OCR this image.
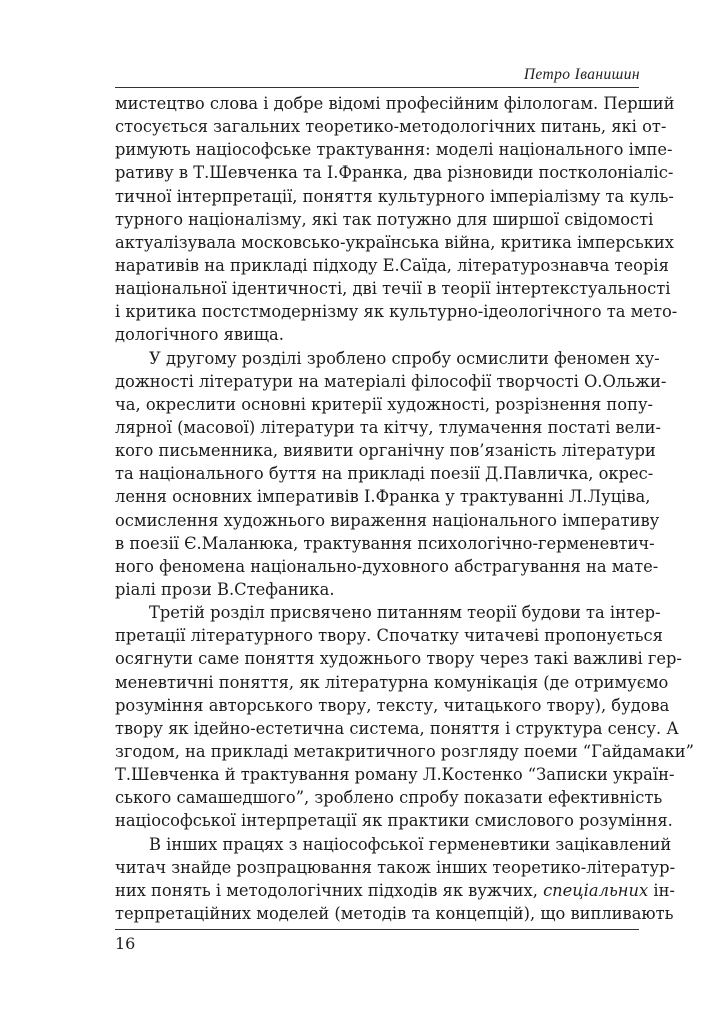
Петро Іванишин
мистецтво слова і добре відомі професійним філологам. Перший
стосується загальних теоретико-методологічних питань, які от-
римують націософське трактування: моделі національного імпе-
ративу в Т.Шевченка та І.Франка, два різновиди постколоніаліс-
тичної інтерпретації, поняття культурного імперіалізму та куль-
турного націоналізму, які так потужно для ширшої свідомості
актуалізувала московсько-українська війна, критика імперських
наративів на прикладі підходу Е.Саїда, літературознавча теорія
національної ідентичності, дві течії в теорії інтертекстуальності
і критика постстмодернізму як культурно-ідеологічного та мето-
дологічного явища.
У другому розділі зроблено спробу осмислити феномен ху-
дожності літератури на матеріалі філософії творчості О.Ольжи-
ча, окреслити основні критерії художності, розрізнення попу-
лярної (масової) літератури та кітчу, тлумачення постаті вели-
кого письменника, виявити органічну пов’язаність літератури
та національного буття на прикладі поезії Д.Павличка, окрес-
лення основних імперативів І.Франка у трактуванні Л.Луціва,
осмислення художнього вираження національного імперативу
в поезії Є.Маланюка, трактування психологічно-герменевтич-
ного феномена національно-духовного абстрагування на мате-
ріалі прози В.Стефаника.
Третій розділ присвячено питанням теорії будови та інтер-
претації літературного твору. Спочатку читачеві пропонується
осягнути саме поняття художнього твору через такі важливі гер-
меневтичні поняття, як літературна комунікація (де отримуємо
розуміння авторського твору, тексту, читацького твору), будова
твору як ідейно-естетична система, поняття і структура сенсу. А
згодом, на прикладі метакритичного розгляду поеми “Гайдамаки”
Т.Шевченка й трактування роману Л.Костенко “Записки україн-
ського самашедшого”, зроблено спробу показати ефективність
націософської інтерпретації як практики смислового розуміння.
В інших працях з націософської герменевтики зацікавлений
читач знайде розпрацювання також інших теоретико-літератур-
них понять і методологічних підходів як вужчих, спеціальних ін-
терпретаційних моделей (методів та концепцій), що випливають
16
